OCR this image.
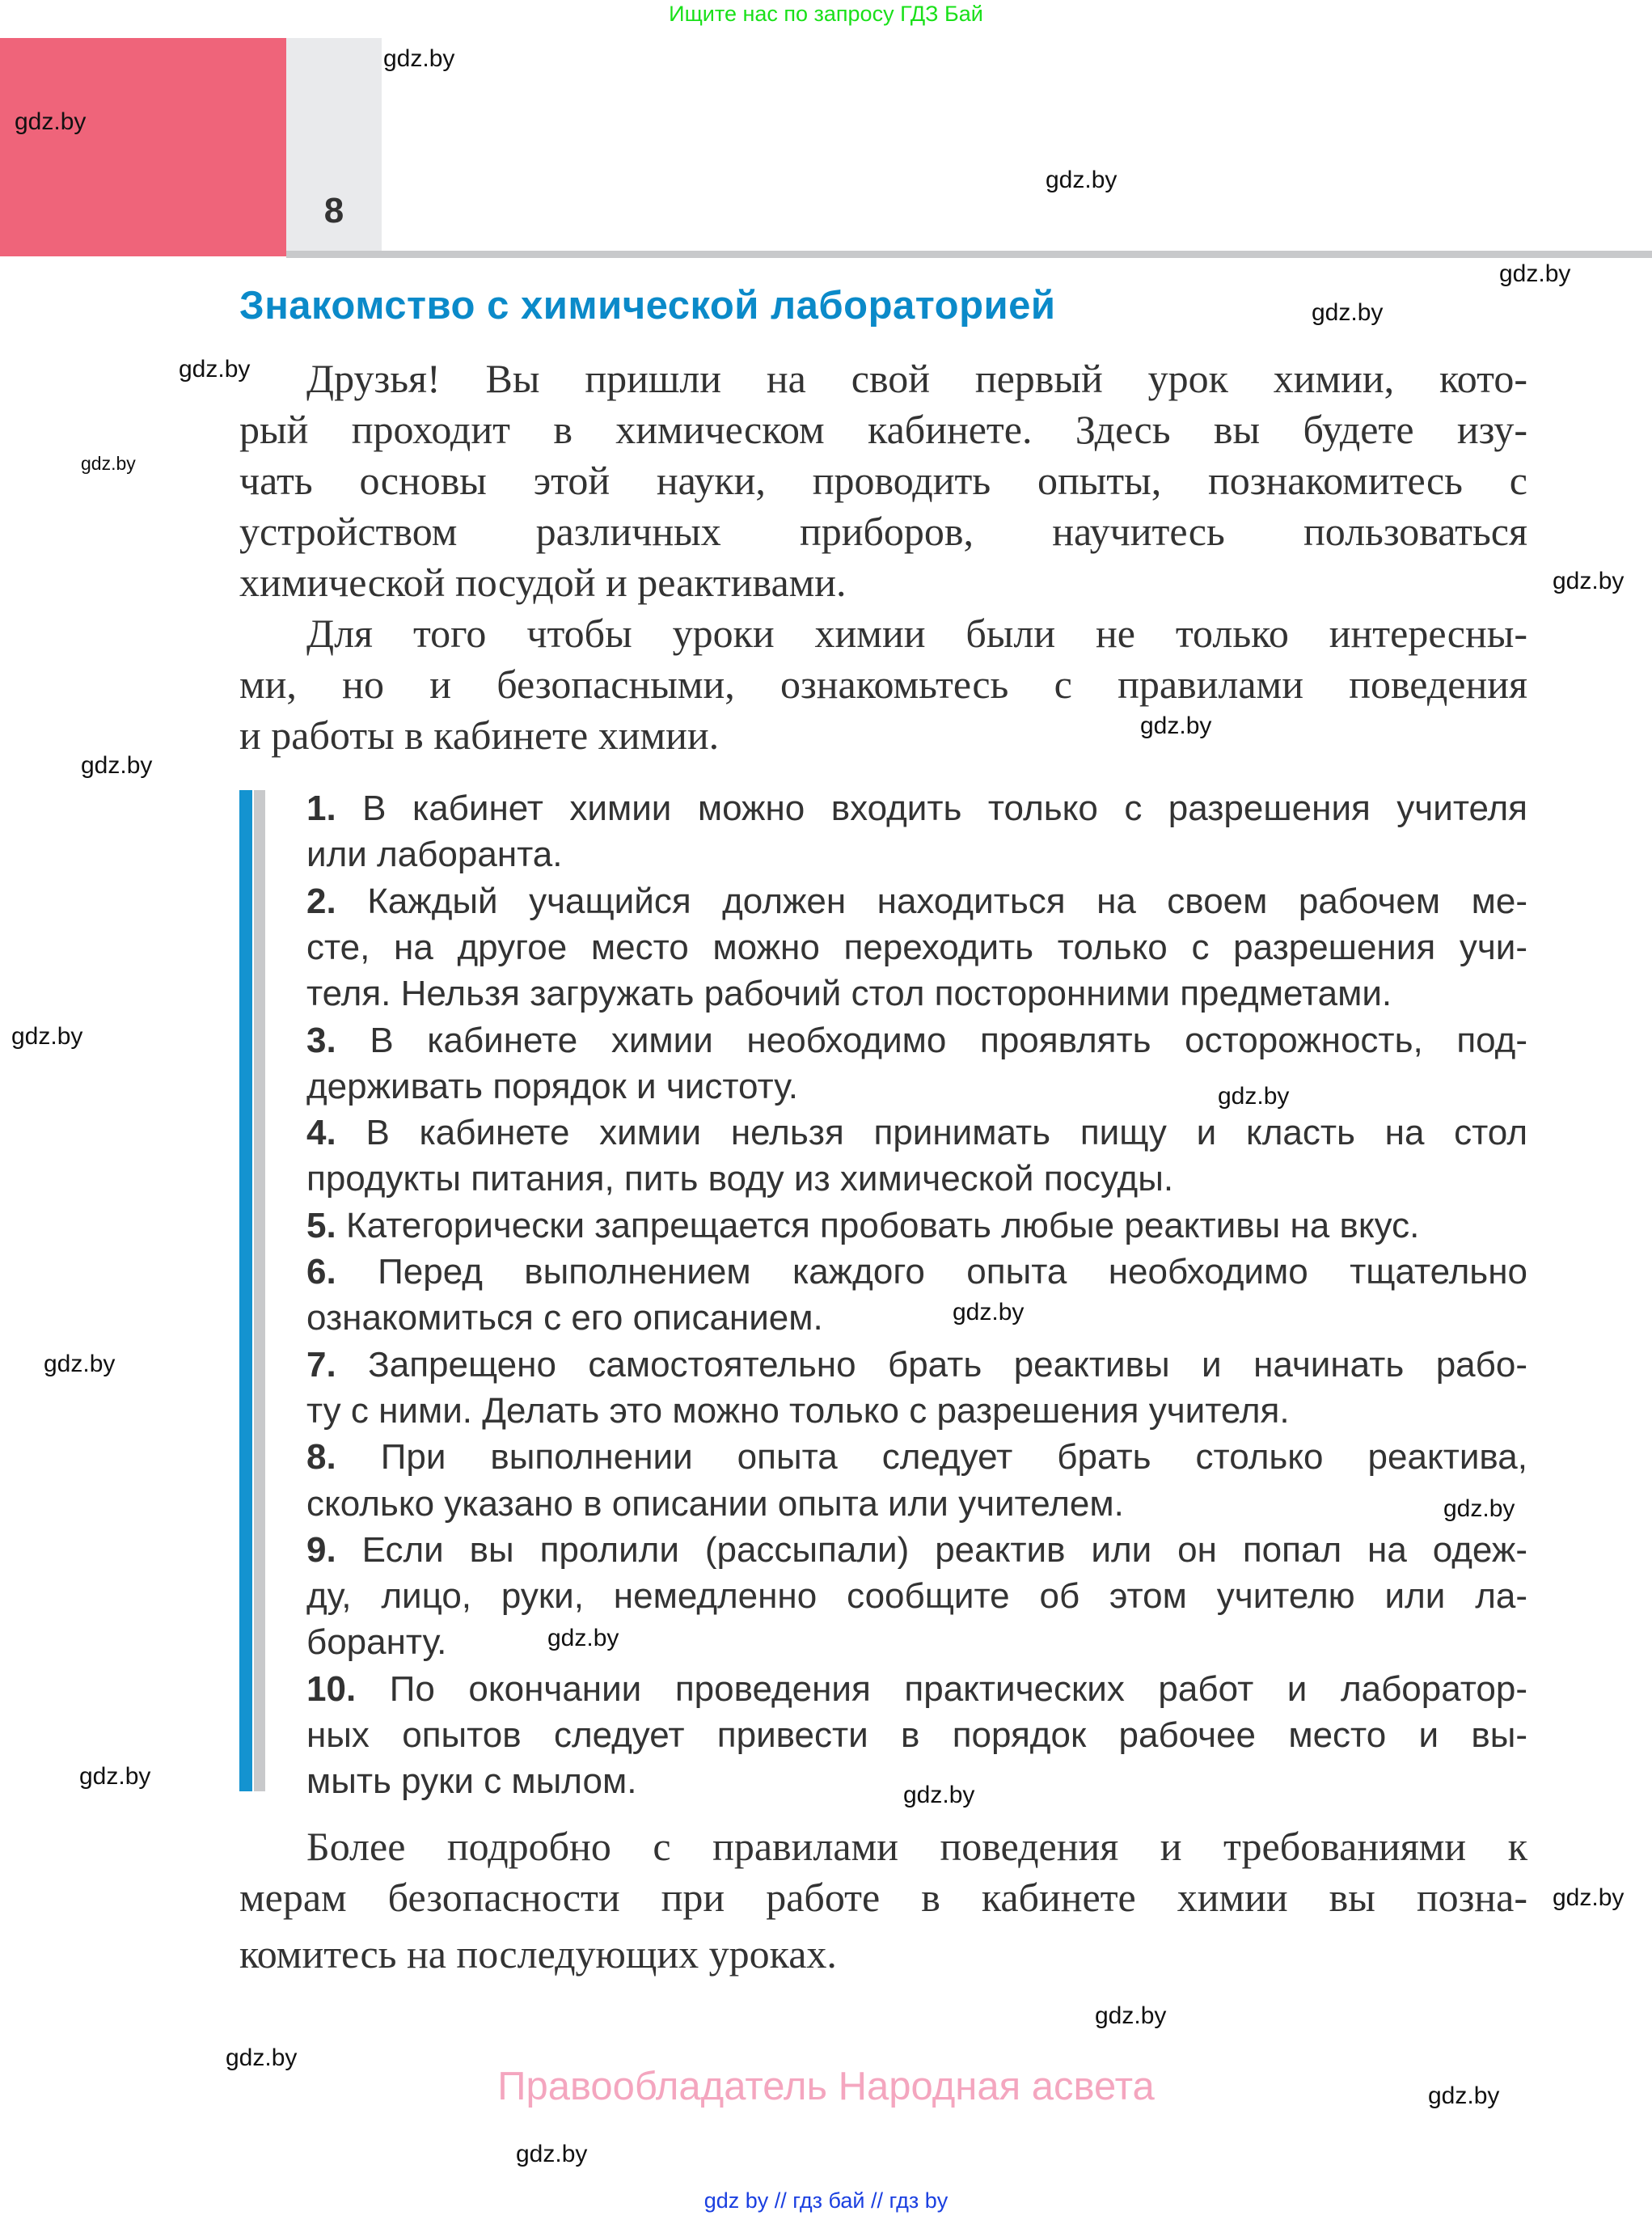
Ищите нас по запросу ГДЗ Бай
8
Знакомство с химической лабораторией
Друзья! Вы пришли на свой первый урок химии, кото-
рый проходит в химическом кабинете. Здесь вы будете изу-
чать основы этой науки, проводить опыты, познакомитесь с
устройством различных приборов, научитесь пользоваться
химической посудой и реактивами.
Для того чтобы уроки химии были не только интересны-
ми, но и безопасными, ознакомьтесь с правилами поведения
и работы в кабинете химии.
1. В кабинет химии можно входить только с разрешения учителя
или лаборанта.
2. Каждый учащийся должен находиться на своем рабочем ме-
сте, на другое место можно переходить только с разрешения учи-
теля. Нельзя загружать рабочий стол посторонними предметами.
3. В кабинете химии необходимо проявлять осторожность, под-
держивать порядок и чистоту.
4. В кабинете химии нельзя принимать пищу и класть на стол
продукты питания, пить воду из химической посуды.
5. Категорически запрещается пробовать любые реактивы на вкус.
6. Перед выполнением каждого опыта необходимо тщательно
ознакомиться с его описанием.
7. Запрещено самостоятельно брать реактивы и начинать рабо-
ту с ними. Делать это можно только с разрешения учителя.
8. При выполнении опыта следует брать столько реактива,
сколько указано в описании опыта или учителем.
9. Если вы пролили (рассыпали) реактив или он попал на одеж-
ду, лицо, руки, немедленно сообщите об этом учителю или ла-
боранту.
10. По окончании проведения практических работ и лаборатор-
ных опытов следует привести в порядок рабочее место и вы-
мыть руки с мылом.
Более подробно с правилами поведения и требованиями к
мерам безопасности при работе в кабинете химии вы позна-
комитесь на последующих уроках.
Правообладатель Народная асвета
gdz by // гдз бай // гдз by
gdz.by
gdz.by
gdz.by
gdz.by
gdz.by
gdz.by
gdz.by
gdz.by
gdz.by
gdz.by
gdz.by
gdz.by
gdz.by
gdz.by
gdz.by
gdz.by
gdz.by
gdz.by
gdz.by
gdz.by
gdz.by
gdz.by
gdz.by
